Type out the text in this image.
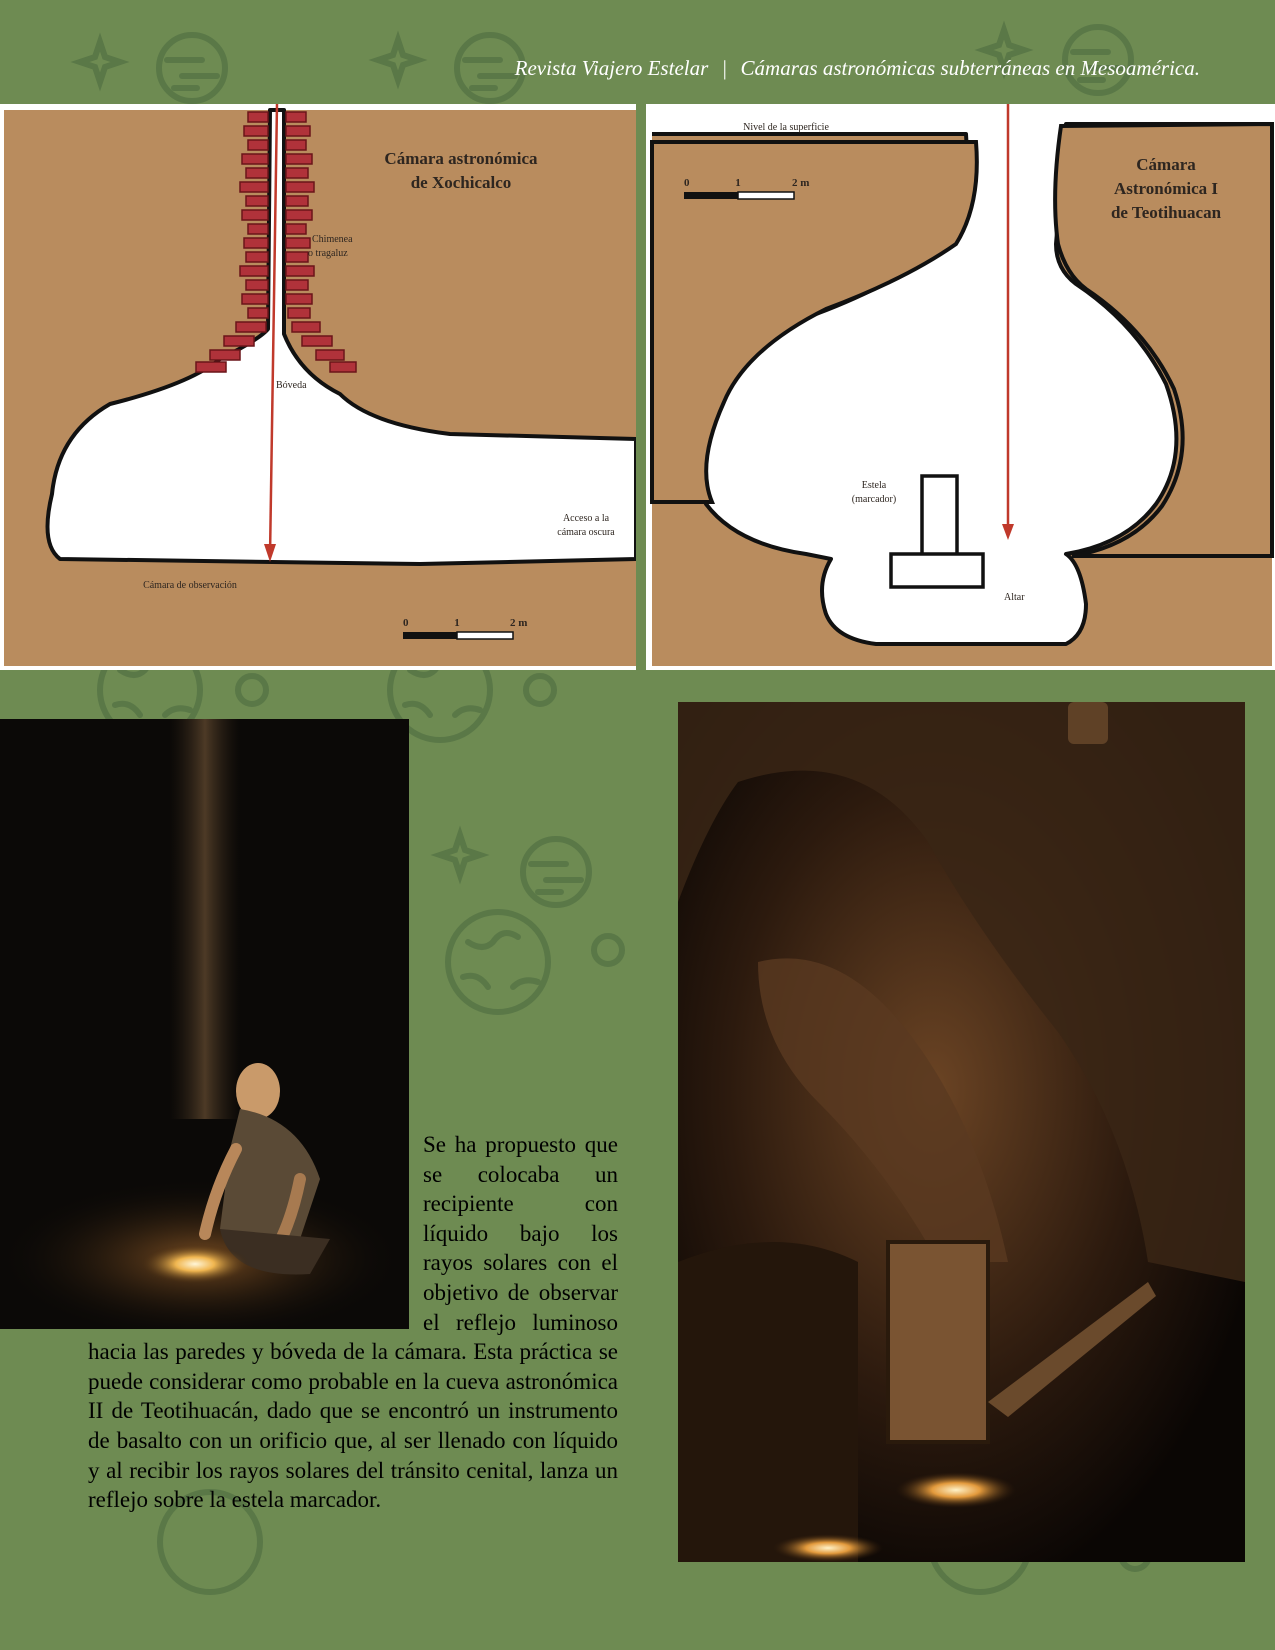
Revista Viajero Estelar | Cámaras astronómicas subterráneas en Mesoamérica.
Cámara astronómica
de Xochicalco
Chimenea
o tragaluz
Bóveda
Acceso a la
cámara oscura
Cámara de observación
0	1	2 m
Nivel de la superficie
Cámara
Astronómica I
de Teotihuacan
Estela
(marcador)
Altar
0	1	2 m
Se ha propuesto que se colocaba un recipiente con líquido bajo los rayos solares con el objetivo de observar el reflejo luminoso hacia las paredes y bóveda de la cámara. Esta práctica se puede considerar como probable en la cueva astronómica II de Teotihuacán, dado que se encontró un instrumento de basalto con un orificio que, al ser llenado con líquido y al recibir los rayos solares del tránsito cenital, lanza un reflejo sobre la estela marcador.
